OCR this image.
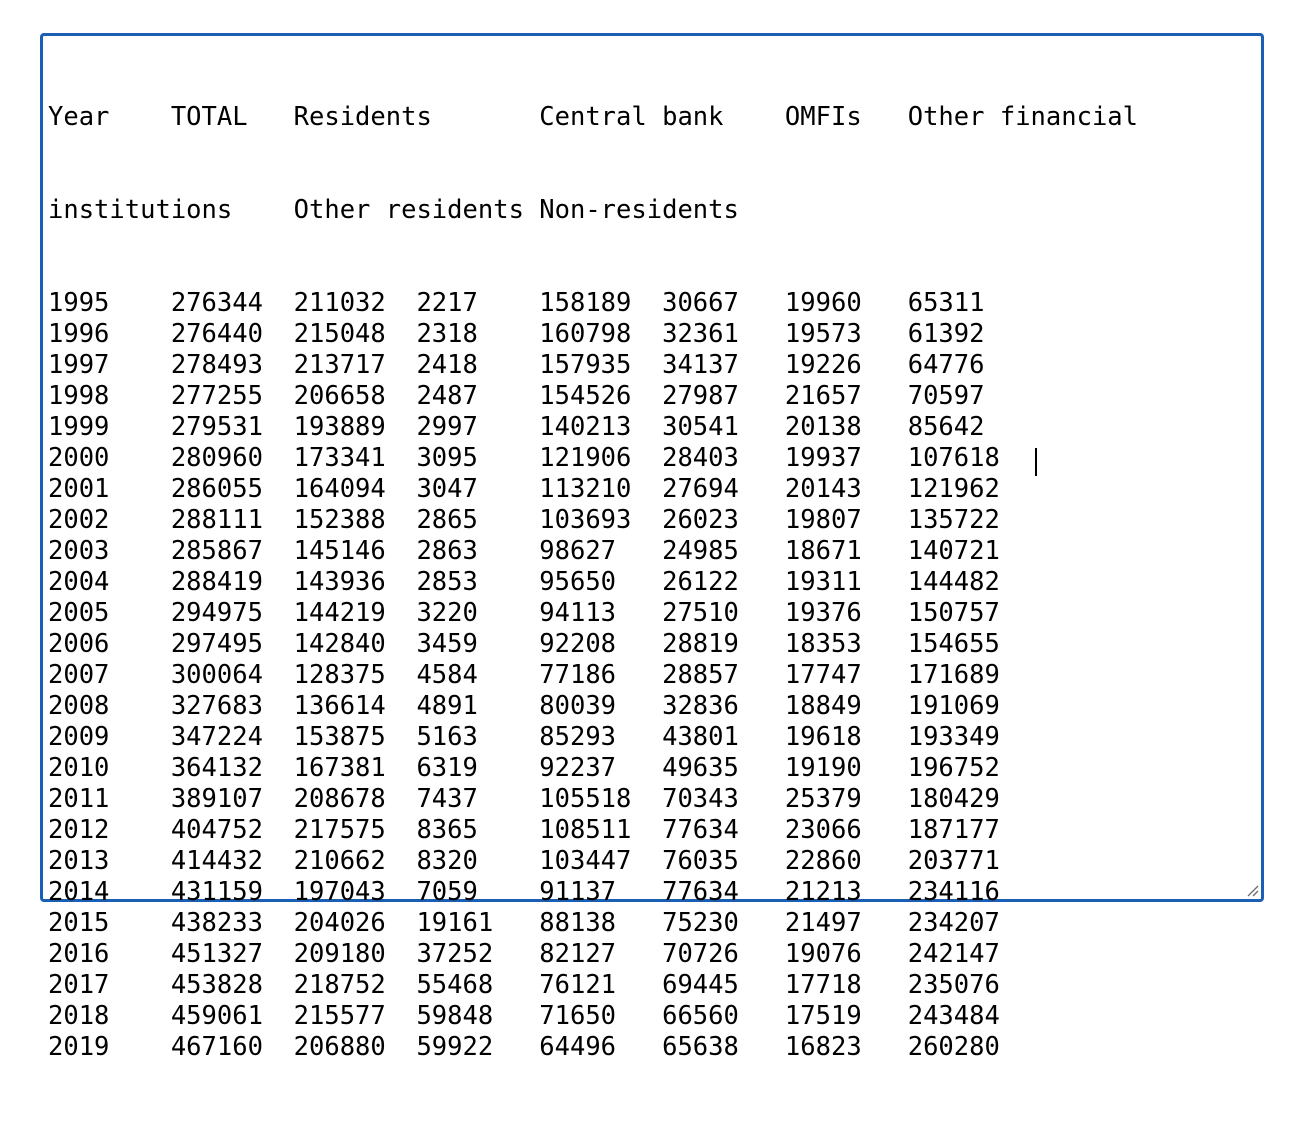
Year    TOTAL   Residents       Central bank    OMFIs   Other financial

institutions    Other residents Non-residents

1995    276344  211032  2217    158189  30667   19960   65311
1996    276440  215048  2318    160798  32361   19573   61392
1997    278493  213717  2418    157935  34137   19226   64776
1998    277255  206658  2487    154526  27987   21657   70597
1999    279531  193889  2997    140213  30541   20138   85642
2000    280960  173341  3095    121906  28403   19937   107618
2001    286055  164094  3047    113210  27694   20143   121962
2002    288111  152388  2865    103693  26023   19807   135722
2003    285867  145146  2863    98627   24985   18671   140721
2004    288419  143936  2853    95650   26122   19311   144482
2005    294975  144219  3220    94113   27510   19376   150757
2006    297495  142840  3459    92208   28819   18353   154655
2007    300064  128375  4584    77186   28857   17747   171689
2008    327683  136614  4891    80039   32836   18849   191069
2009    347224  153875  5163    85293   43801   19618   193349
2010    364132  167381  6319    92237   49635   19190   196752
2011    389107  208678  7437    105518  70343   25379   180429
2012    404752  217575  8365    108511  77634   23066   187177
2013    414432  210662  8320    103447  76035   22860   203771
2014    431159  197043  7059    91137   77634   21213   234116
2015    438233  204026  19161   88138   75230   21497   234207
2016    451327  209180  37252   82127   70726   19076   242147
2017    453828  218752  55468   76121   69445   17718   235076
2018    459061  215577  59848   71650   66560   17519   243484
2019    467160  206880  59922   64496   65638   16823   260280
